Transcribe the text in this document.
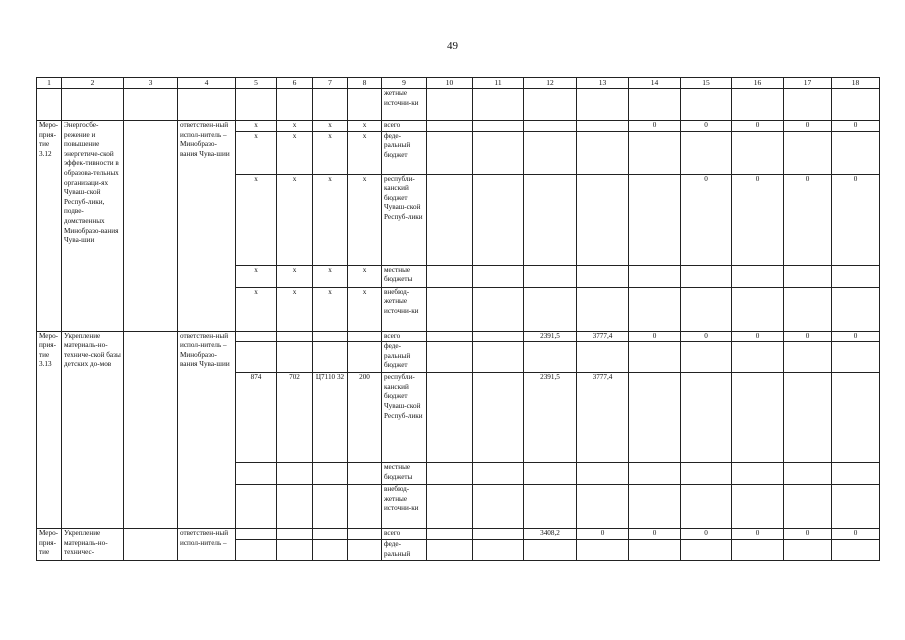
49
1	2	3	4	5	6	7	8	9	10	11	12	13	14	15	16	17	18
								жетные источни-ки									
Меро-прия-тие 3.12	Энергосбе-режение и повышение энергетиче-ской эффек-тивности в образова-тельных организаци-ях Чуваш-ской Респуб-лики, подве-домственных Минобразо-вания Чува-шии		ответствен-ный испол-нитель – Минобразо-вания Чува-шии	x	x	x	x	всего					0	0	0	0	0
				x	x	x	x	феде-ральный бюджет									
				x	x	x	x	республи-канский бюджет Чуваш-ской Респуб-лики						0	0	0	0
				x	x	x	x	местные бюджеты									
				x	x	x	x	внебюд-жетные источни-ки									
Меро-прия-тие 3.13	Укрепление материаль-но-техниче-ской базы детских до-мов		ответствен-ный испол-нитель – Минобразо-вания Чува-шии					всего			2391,5	3777,4	0	0	0	0	0
								феде-ральный бюджет									
				874	702	Ц7110 32	200	республи-канский бюджет Чуваш-ской Респуб-лики			2391,5	3777,4					
								местные бюджеты									
								внебюд-жетные источни-ки									

Меро-прия-тие	Укрепление материаль-но-техничес-		ответствен-ный испол-нитель –					всего			3408,2	0	0	0	0	0	0
								феде-ральный									
